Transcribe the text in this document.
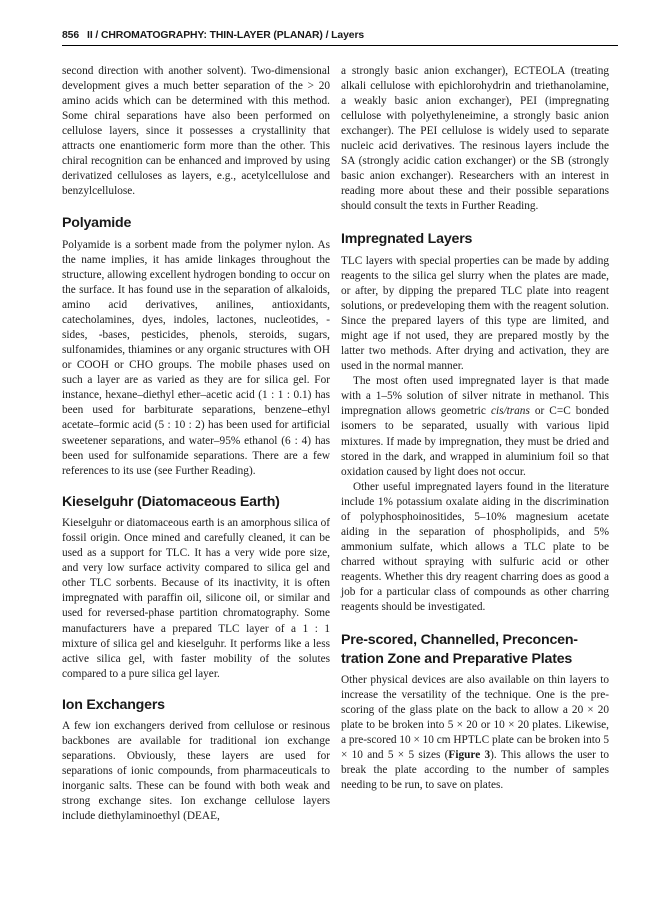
856 II / CHROMATOGRAPHY: THIN-LAYER (PLANAR) / Layers

second direction with another solvent). Two-dimensional development gives a much better separation of the > 20 amino acids which can be determined with this method. Some chiral separations have also been performed on cellulose layers, since it possesses a crystallinity that attracts one enantiomeric form more than the other. This chiral recognition can be enhanced and improved by using derivatized celluloses as layers, e.g., acetylcellulose and benzylcellulose.

Polyamide

Polyamide is a sorbent made from the polymer nylon. As the name implies, it has amide linkages throughout the structure, allowing excellent hydrogen bonding to occur on the surface. It has found use in the separation of alkaloids, amino acid derivatives, anilines, antioxidants, catecholamines, dyes, indoles, lactones, nucleotides, -sides, -bases, pesticides, phenols, steroids, sugars, sulfonamides, thiamines or any organic structures with OH or COOH or CHO groups. The mobile phases used on such a layer are as varied as they are for silica gel. For instance, hexane–diethyl ether–acetic acid (1 : 1 : 0.1) has been used for barbiturate separations, benzene–ethyl acetate–formic acid (5 : 10 : 2) has been used for artificial sweetener separations, and water–95% ethanol (6 : 4) has been used for sulfonamide separations. There are a few references to its use (see Further Reading).

Kieselguhr (Diatomaceous Earth)

Kieselguhr or diatomaceous earth is an amorphous silica of fossil origin. Once mined and carefully cleaned, it can be used as a support for TLC. It has a very wide pore size, and very low surface activity compared to silica gel and other TLC sorbents. Because of its inactivity, it is often impregnated with paraffin oil, silicone oil, or similar and used for reversed-phase partition chromatography. Some manufacturers have a prepared TLC layer of a 1 : 1 mixture of silica gel and kieselguhr. It performs like a less active silica gel, with faster mobility of the solutes compared to a pure silica gel layer.

Ion Exchangers

A few ion exchangers derived from cellulose or resinous backbones are available for traditional ion exchange separations. Obviously, these layers are used for separations of ionic compounds, from pharmaceuticals to inorganic salts. These can be found with both weak and strong exchange sites. Ion exchange cellulose layers include diethylaminoethyl (DEAE,

a strongly basic anion exchanger), ECTEOLA (treating alkali cellulose with epichlorohydrin and triethanolamine, a weakly basic anion exchanger), PEI (impregnating cellulose with polyethyleneimine, a strongly basic anion exchanger). The PEI cellulose is widely used to separate nucleic acid derivatives. The resinous layers include the SA (strongly acidic cation exchanger) or the SB (strongly basic anion exchanger). Researchers with an interest in reading more about these and their possible separations should consult the texts in Further Reading.

Impregnated Layers

TLC layers with special properties can be made by adding reagents to the silica gel slurry when the plates are made, or after, by dipping the prepared TLC plate into reagent solutions, or predeveloping them with the reagent solution. Since the prepared layers of this type are limited, and might age if not used, they are prepared mostly by the latter two methods. After drying and activation, they are used in the normal manner.

The most often used impregnated layer is that made with a 1–5% solution of silver nitrate in methanol. This impregnation allows geometric cis/trans or C=C bonded isomers to be separated, usually with various lipid mixtures. If made by impregnation, they must be dried and stored in the dark, and wrapped in aluminium foil so that oxidation caused by light does not occur.

Other useful impregnated layers found in the literature include 1% potassium oxalate aiding in the discrimination of polyphosphoinositides, 5–10% magnesium acetate aiding in the separation of phospholipids, and 5% ammonium sulfate, which allows a TLC plate to be charred without spraying with sulfuric acid or other reagents. Whether this dry reagent charring does as good a job for a particular class of compounds as other charring reagents should be investigated.

Pre-scored, Channelled, Preconcen-
tration Zone and Preparative Plates

Other physical devices are also available on thin layers to increase the versatility of the technique. One is the pre-scoring of the glass plate on the back to allow a 20 × 20 plate to be broken into 5 × 20 or 10 × 20 plates. Likewise, a pre-scored 10 × 10 cm HPTLC plate can be broken into 5 × 10 and 5 × 5 sizes (Figure 3). This allows the user to break the plate according to the number of samples needing to be run, to save on plates.
